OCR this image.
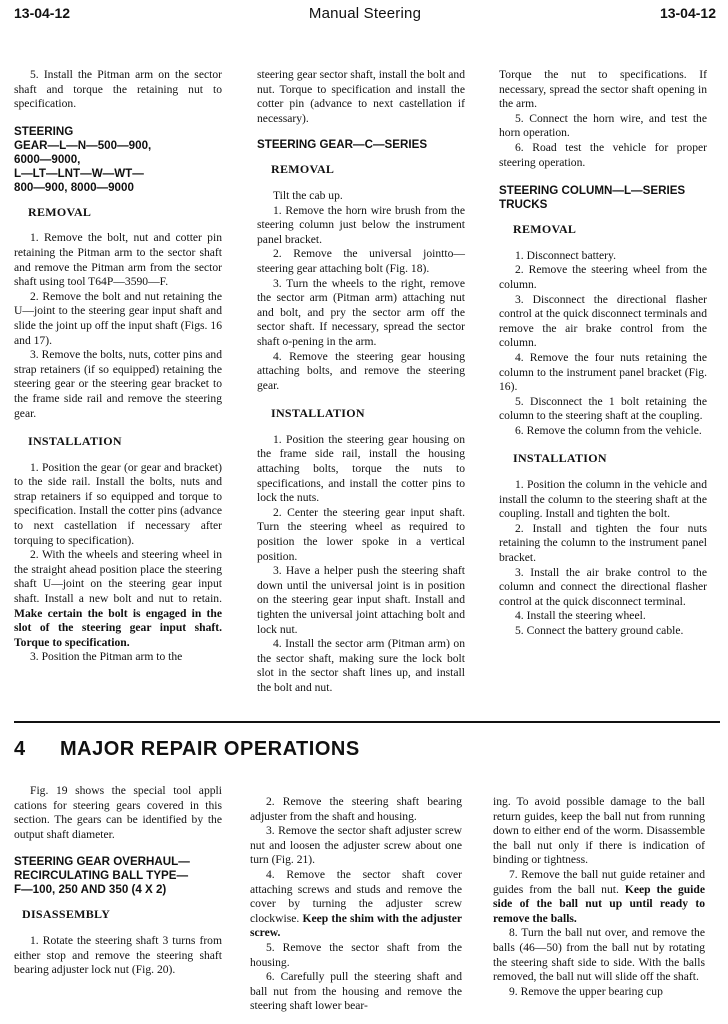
13-04-12	Manual Steering	13-04-12

5. Install the Pitman arm on the sector shaft and torque the retaining nut to specification.

STEERING
GEAR—L—N—500—900,
6000—9000,
L—LT—LNT—W—WT—
800—900, 8000—9000
REMOVAL

1. Remove the bolt, nut and cotter pin retaining the Pitman arm to the sector shaft and remove the Pitman arm from the sector shaft using tool T64P—3590—F.

2. Remove the bolt and nut retaining the U—joint to the steering gear input shaft and slide the joint up off the input shaft (Figs. 16 and 17).

3. Remove the bolts, nuts, cotter pins and strap retainers (if so equipped) retaining the steering gear or the steering gear bracket to the frame side rail and remove the steering gear.

INSTALLATION

1. Position the gear (or gear and bracket) to the side rail. Install the bolts, nuts and strap retainers if so equipped and torque to specification. Install the cotter pins (advance to next castellation if necessary after torquing to specification).

2. With the wheels and steering wheel in the straight ahead position place the steering shaft U—joint on the steering gear input shaft. Install a new bolt and nut to retain. Make certain the bolt is engaged in the slot of the steering gear input shaft. Torque to specification.

3. Position the Pitman arm to the

steering gear sector shaft, install the bolt and nut. Torque to specification and install the cotter pin (advance to next castellation if necessary).

STEERING GEAR—C—SERIES
REMOVAL

Tilt the cab up.

1. Remove the horn wire brush from the steering column just below the instrument panel bracket.

2. Remove the universal jointto—steering gear attaching bolt (Fig. 18).

3. Turn the wheels to the right, remove the sector arm (Pitman arm) attaching nut and bolt, and pry the sector arm off the sector shaft. If necessary, spread the sector shaft o-pening in the arm.

4. Remove the steering gear housing attaching bolts, and remove the steering gear.

INSTALLATION

1. Position the steering gear housing on the frame side rail, install the housing attaching bolts, torque the nuts to specifications, and install the cotter pins to lock the nuts.

2. Center the steering gear input shaft. Turn the steering wheel as required to position the lower spoke in a vertical position.

3. Have a helper push the steering shaft down until the universal joint is in position on the steering gear input shaft. Install and tighten the universal joint attaching bolt and lock nut.

4. Install the sector arm (Pitman arm) on the sector shaft, making sure the lock bolt slot in the sector shaft lines up, and install the bolt and nut.

Torque the nut to specifications. If necessary, spread the sector shaft opening in the arm.

5. Connect the horn wire, and test the horn operation.

6. Road test the vehicle for proper steering operation.

STEERING COLUMN—L—SERIES
TRUCKS
REMOVAL

1. Disconnect battery.

2. Remove the steering wheel from the column.

3. Disconnect the directional flasher control at the quick disconnect terminals and remove the air brake control from the column.

4. Remove the four nuts retaining the column to the instrument panel bracket (Fig. 16).

5. Disconnect the 1 bolt retaining the column to the steering shaft at the coupling.

6. Remove the column from the vehicle.

INSTALLATION

1. Position the column in the vehicle and install the column to the steering shaft at the coupling. Install and tighten the bolt.

2. Install and tighten the four nuts retaining the column to the instrument panel bracket.

3. Install the air brake control to the column and connect the directional flasher control at the quick disconnect terminal.

4. Install the steering wheel.

5. Connect the battery ground cable.

4 MAJOR REPAIR OPERATIONS

Fig. 19 shows the special tool appli cations for steering gears covered in this section. The gears can be identified by the output shaft diameter.

STEERING GEAR OVERHAUL—
RECIRCULATING BALL TYPE—
F—100, 250 AND 350 (4 X 2)
DISASSEMBLY

1. Rotate the steering shaft 3 turns from either stop and remove the steering shaft bearing adjuster lock nut (Fig. 20).

2. Remove the steering shaft bearing adjuster from the shaft and housing.

3. Remove the sector shaft adjuster screw nut and loosen the adjuster screw about one turn (Fig. 21).

4. Remove the sector shaft cover attaching screws and studs and remove the cover by turning the adjuster screw clockwise. Keep the shim with the adjuster screw.

5. Remove the sector shaft from the housing.

6. Carefully pull the steering shaft and ball nut from the housing and remove the steering shaft lower bear-

ing. To avoid possible damage to the ball return guides, keep the ball nut from running down to either end of the worm. Disassemble the ball nut only if there is indication of binding or tightness.

7. Remove the ball nut guide retainer and guides from the ball nut. Keep the guide side of the ball nut up until ready to remove the balls.

8. Turn the ball nut over, and remove the balls (46—50) from the ball nut by rotating the steering shaft side to side. With the balls removed, the ball nut will slide off the shaft.

9. Remove the upper bearing cup
